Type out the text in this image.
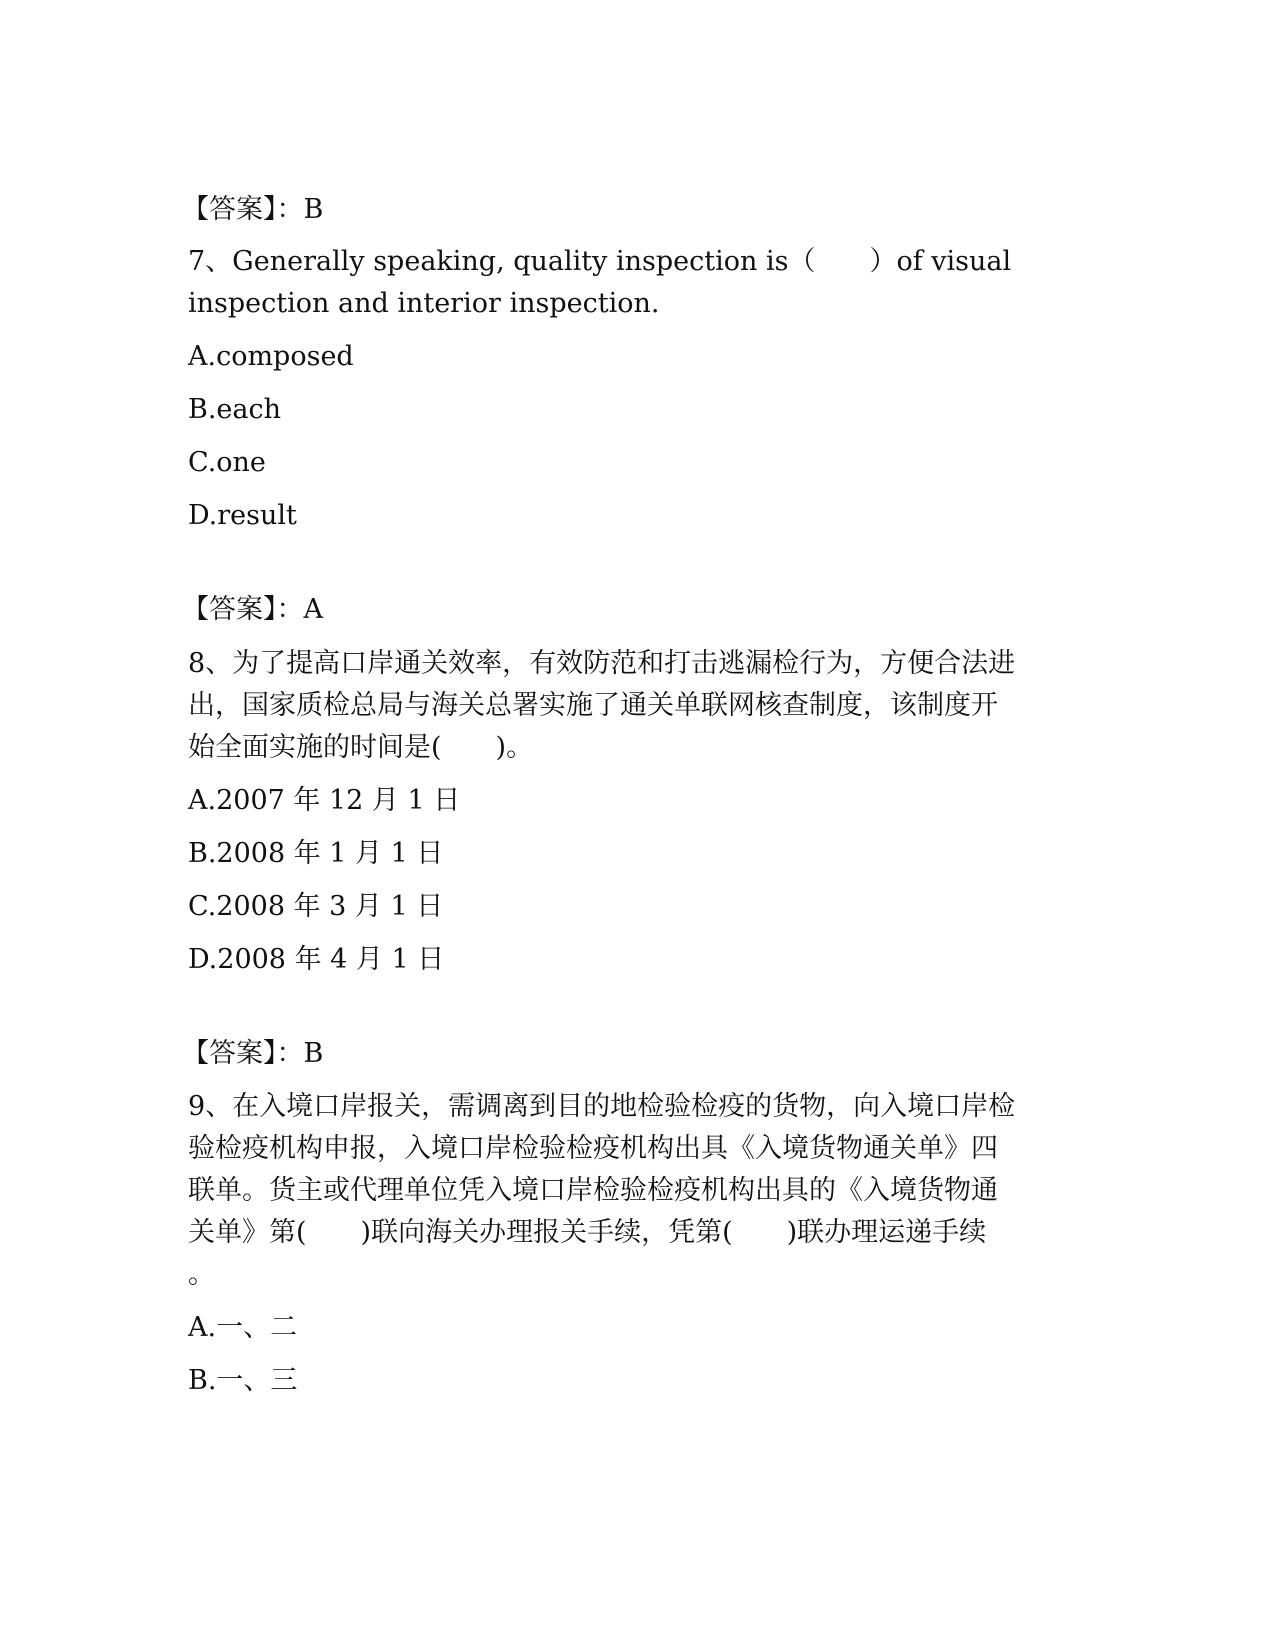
【答案】：B
7、Generally speaking, quality inspection is（　　）of visual
inspection and interior inspection.
A.composed
B.each
C.one
D.result
【答案】：A
8、为了提高口岸通关效率，有效防范和打击逃漏检行为，方便合法进
出，国家质检总局与海关总署实施了通关单联网核查制度，该制度开
始全面实施的时间是(　　)。
A.2007 年 12 月 1 日
B.2008 年 1 月 1 日
C.2008 年 3 月 1 日
D.2008 年 4 月 1 日
【答案】：B
9、在入境口岸报关，需调离到目的地检验检疫的货物，向入境口岸检
验检疫机构申报，入境口岸检验检疫机构出具《入境货物通关单》四
联单。货主或代理单位凭入境口岸检验检疫机构出具的《入境货物通
关单》第(　　)联向海关办理报关手续，凭第(　　)联办理运递手续
。
A.一、二
B.一、三
